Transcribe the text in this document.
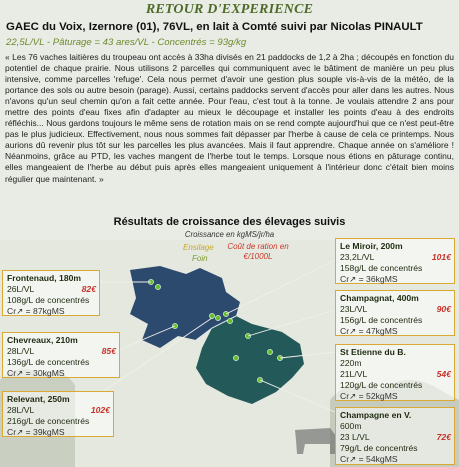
RETOUR D'EXPERIENCE
GAEC du Voix, Izernore (01), 76VL, en lait à Comté suivi par Nicolas PINAULT
22,5L/VL - Pâturage = 43 ares/VL - Concentrés = 93g/kg
« Les 76 vaches laitières du troupeau ont accès à 33ha divisés en 21 paddocks de 1,2 à 2ha ; découpés en fonction du potentiel de chaque prairie. Nous utilisons 2 parcelles qui communiquent avec le bâtiment de manière un peu plus intensive, comme parcelles 'refuge'. Cela nous permet d'avoir une gestion plus souple vis-à-vis de la météo, de la portance des sols ou autre besoin (parage). Aussi, certains paddocks servent d'accès pour aller dans les autres. Nous n'avons qu'un seul chemin qu'on a fait cette année. Pour l'eau, c'est tout à la tonne. Je voulais attendre 2 ans pour mettre des points d'eau fixes afin d'adapter au mieux le découpage et installer les points d'eau à des endroits réfléchis... Nous gardons toujours le même sens de rotation mais on se rend compte aujourd'hui que ce n'est peut-être pas le plus judicieux. Effectivement, nous nous sommes fait dépasser par l'herbe à cause de cela ce printemps. Nous aurions dû revenir plus tôt sur les parcelles les plus avancées. Mais il faut apprendre. Chaque année on s'améliore ! Néanmoins, grâce au PTD, les vaches mangent de l'herbe tout le temps. Lorsque nous étions en pâturage continu, elles mangeaient de l'herbe au début puis après elles mangeaient uniquement à l'intérieur donc c'était bien moins régulier que maintenant. »
Résultats de croissance des élevages suivis
Croissance en kgMS/jr/ha
Ensilage
Foin
Coût de ration en €/1000L
Frontenaud, 180m
26L/VL	82€
108g/L de concentrés
Cr↗ = 87kgMS
Chevreaux, 210m
28L/VL	85€
136g/L de concentrés
Cr↗ = 30kgMS
Relevant, 250m
28L/VL	102€
216g/L de concentrés
Cr↗ = 39kgMS
Le Miroir, 200m
23,2L/VL	101€
158g/L de concentrés
Cr↗ = 36kgMS
Champagnat, 400m
23L/VL	90€
156g/L de concentrés
Cr↗ = 47kgMS
St Etienne du B.
220m
21L/VL	54€
120g/L de concentrés
Cr↗ = 52kgMS
Champagne en V.
600m
23 L/VL	72€
79g/L de concentrés
Cr↗ = 54kgMS
